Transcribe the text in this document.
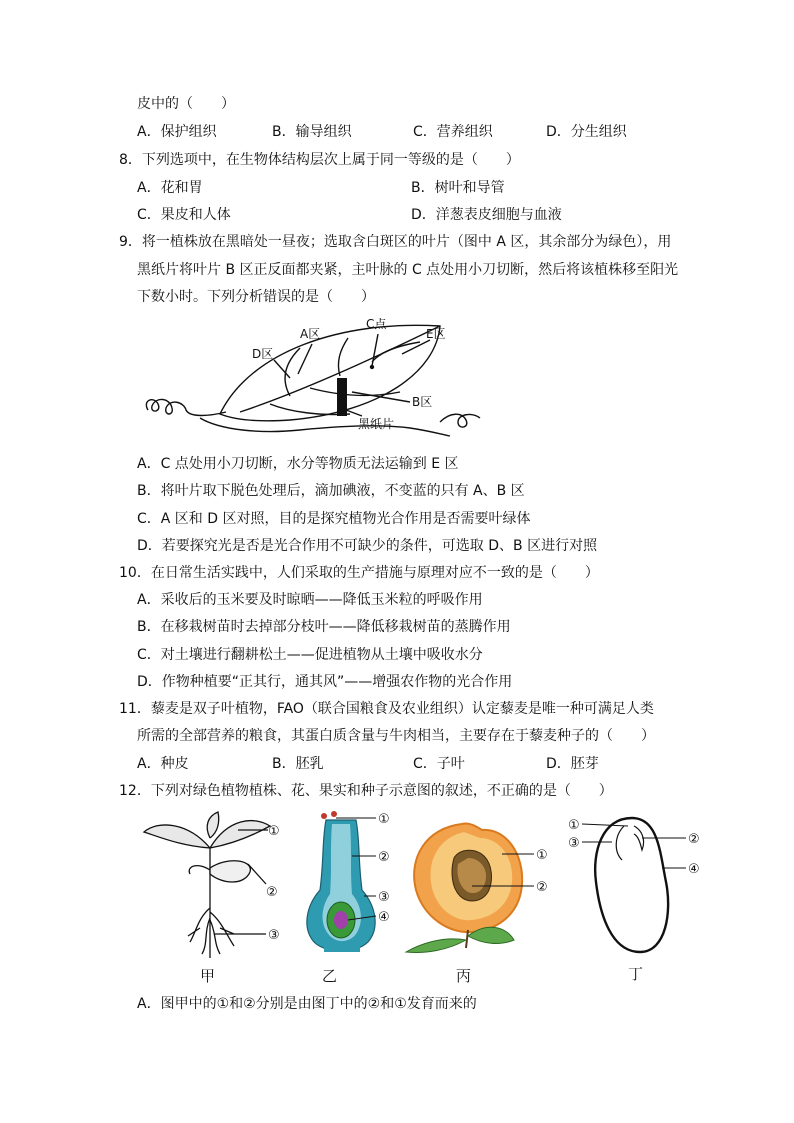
皮中的（　　）
A．保护组织	B．输导组织	C．营养组织	D．分生组织
8．下列选项中，在生物体结构层次上属于同一等级的是（　　）
A．花和胃	B．树叶和导管
C．果皮和人体	D．洋葱表皮细胞与血液
9．将一植株放在黑暗处一昼夜；选取含白斑区的叶片（图中 A 区，其余部分为绿色），用
黑纸片将叶片 B 区正反面都夹紧，主叶脉的 C 点处用小刀切断，然后将该植株移至阳光
下数小时。下列分析错误的是（　　）
A区
C点
E区
D区
B区
黑纸片
A．C 点处用小刀切断，水分等物质无法运输到 E 区
B．将叶片取下脱色处理后，滴加碘液，不变蓝的只有 A、B 区
C．A 区和 D 区对照，目的是探究植物光合作用是否需要叶绿体
D．若要探究光是否是光合作用不可缺少的条件，可选取 D、B 区进行对照
10．在日常生活实践中，人们采取的生产措施与原理对应不一致的是（　　）
A．采收后的玉米要及时晾晒——降低玉米粒的呼吸作用
B．在移栽树苗时去掉部分枝叶——降低移栽树苗的蒸腾作用
C．对土壤进行翻耕松土——促进植物从土壤中吸收水分
D．作物种植要“正其行，通其风”——增强农作物的光合作用
11．藜麦是双子叶植物，FAO（联合国粮食及农业组织）认定藜麦是唯一种可满足人类
所需的全部营养的粮食，其蛋白质含量与牛肉相当，主要存在于藜麦种子的（　　）
A．种皮	B．胚乳	C．子叶	D．胚芽
12．下列对绿色植物植株、花、果实和种子示意图的叙述，不正确的是（　　）
①
②
③
甲
①
②
③
④
乙
①
②
丙
①
③	②
④
丁
A．图甲中的①和②分别是由图丁中的②和①发育而来的
